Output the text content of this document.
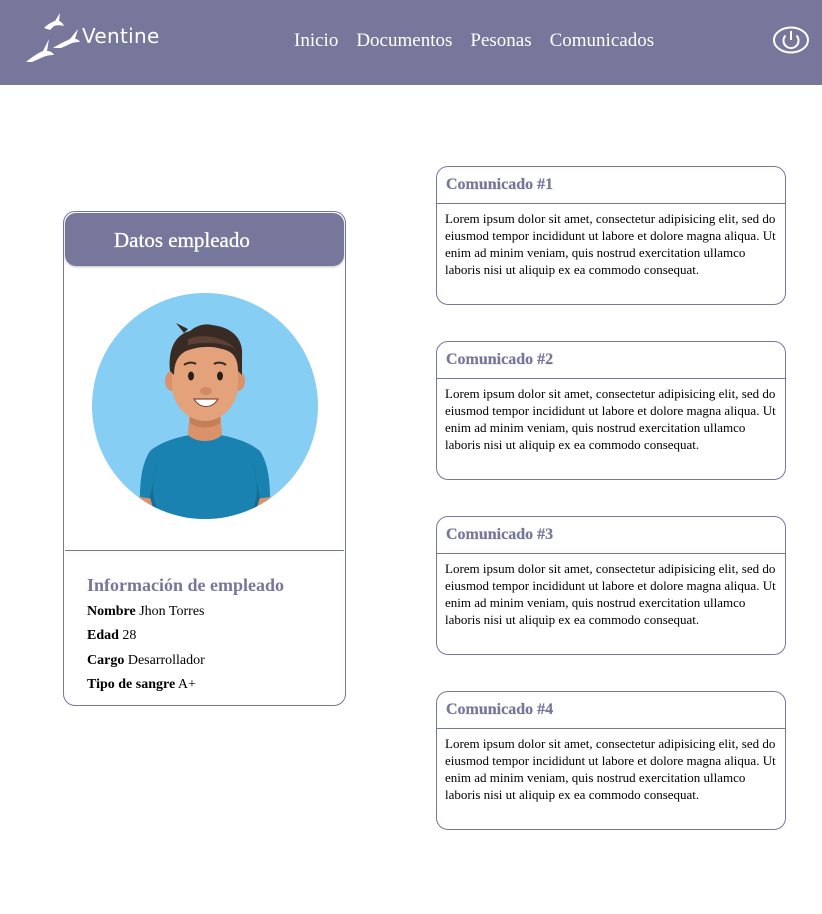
Ventine	Inicio Documentos Pesonas Comunicados
Datos empleado
Información de empleado
Nombre Jhon Torres
Edad 28
Cargo Desarrollador
Tipo de sangre A+
Comunicado #1

Lorem ipsum dolor sit amet, consectetur adipisicing elit, sed do eiusmod tempor incididunt ut labore et dolore magna aliqua. Ut enim ad minim veniam, quis nostrud exercitation ullamco laboris nisi ut aliquip ex ea commodo consequat.

Comunicado #2

Lorem ipsum dolor sit amet, consectetur adipisicing elit, sed do eiusmod tempor incididunt ut labore et dolore magna aliqua. Ut enim ad minim veniam, quis nostrud exercitation ullamco laboris nisi ut aliquip ex ea commodo consequat.

Comunicado #3

Lorem ipsum dolor sit amet, consectetur adipisicing elit, sed do eiusmod tempor incididunt ut labore et dolore magna aliqua. Ut enim ad minim veniam, quis nostrud exercitation ullamco laboris nisi ut aliquip ex ea commodo consequat.

Comunicado #4

Lorem ipsum dolor sit amet, consectetur adipisicing elit, sed do eiusmod tempor incididunt ut labore et dolore magna aliqua. Ut enim ad minim veniam, quis nostrud exercitation ullamco laboris nisi ut aliquip ex ea commodo consequat.
